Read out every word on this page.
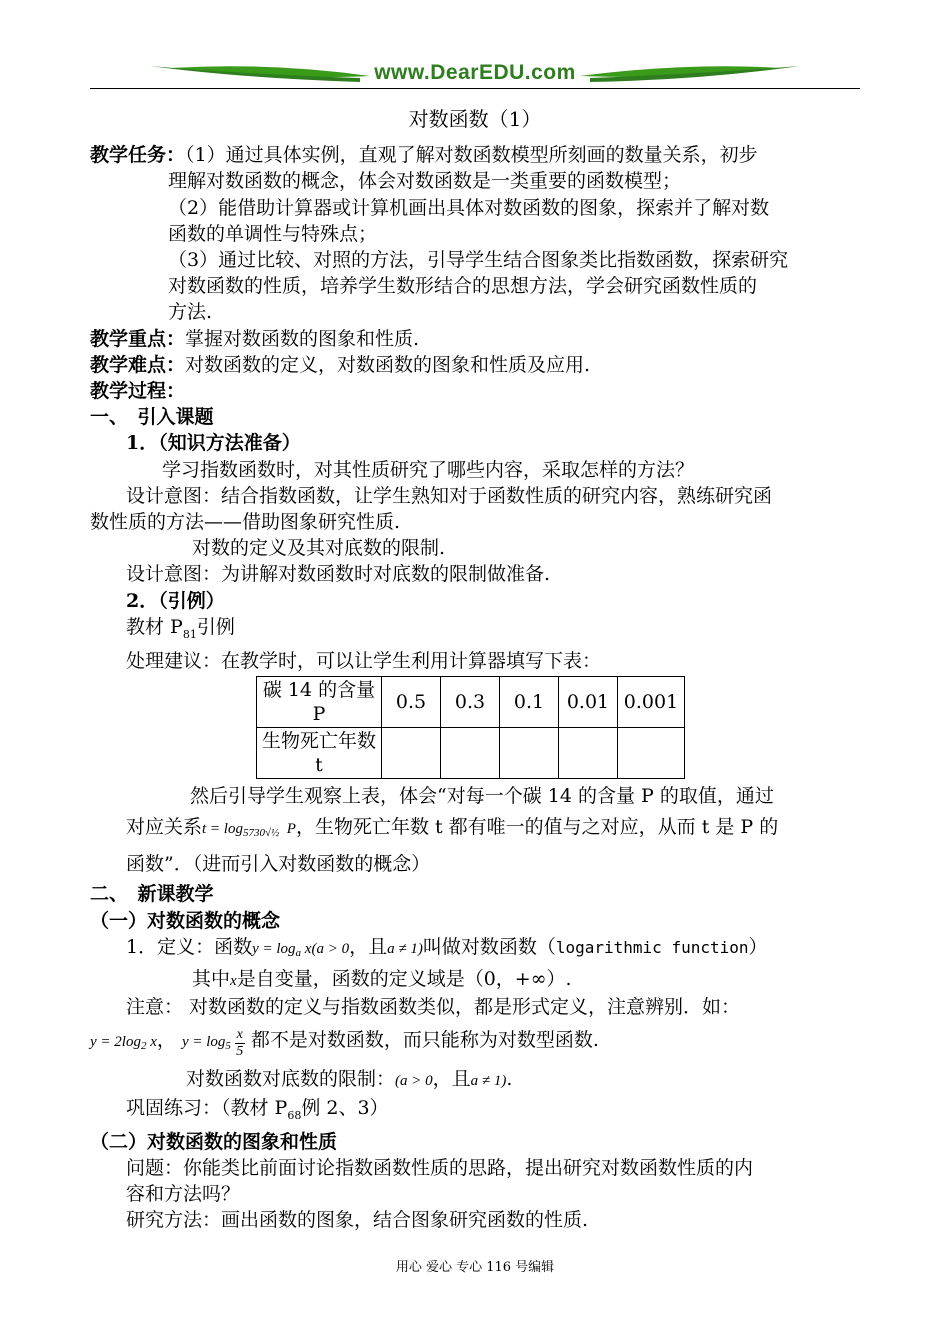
www.DearEDU.com
对数函数（1）
教学任务：（1）通过具体实例，直观了解对数函数模型所刻画的数量关系，初步
理解对数函数的概念，体会对数函数是一类重要的函数模型；
（2）能借助计算器或计算机画出具体对数函数的图象，探索并了解对数
函数的单调性与特殊点；
（3）通过比较、对照的方法，引导学生结合图象类比指数函数，探索研究
对数函数的性质，培养学生数形结合的思想方法，学会研究函数性质的
方法.
教学重点：掌握对数函数的图象和性质.
教学难点：对数函数的定义，对数函数的图象和性质及应用.
教学过程：
一、　引入课题
1．（知识方法准备）
学习指数函数时，对其性质研究了哪些内容，采取怎样的方法？
设计意图：结合指数函数，让学生熟知对于函数性质的研究内容，熟练研究函
数性质的方法——借助图象研究性质.
对数的定义及其对底数的限制.
设计意图：为讲解对数函数时对底数的限制做准备.
2．（引例）
教材 $P_{81}$引例
处理建议：在教学时，可以让学生利用计算器填写下表：
碳 14 的含量 P	0.5	0.3	0.1	0.01	0.001
生物死亡年数 t					
然后引导学生观察上表，体会“对每一个碳 14 的含量 P 的取值，通过
对应关系$t = \log_{5730√\frac{1}{2}} P$，生物死亡年数 t 都有唯一的值与之对应，从而 t 是 P 的
函数”．（进而引入对数函数的概念）
二、　新课教学
（一）对数函数的概念
1．定义：函数$y = \log_a x(a > 0$，且a ≠ 1)叫做对数函数（logarithmic function）
其中x是自变量，函数的定义域是（0，+∞）.
注意： 对数函数的定义与指数函数类似，都是形式定义，注意辨别．如：
$y = 2\log_2$ x， $y = \log_5 \frac{x}{5}$ 都不是对数函数，而只能称为对数型函数.
对数函数对底数的限制：(a > 0，且a ≠ 1).
巩固练习：（教材 $P_{68}$例 2、3）
（二）对数函数的图象和性质
问题：你能类比前面讨论指数函数性质的思路，提出研究对数函数性质的内
容和方法吗？
研究方法：画出函数的图象，结合图象研究函数的性质.
用心 爱心 专心 116 号编辑
